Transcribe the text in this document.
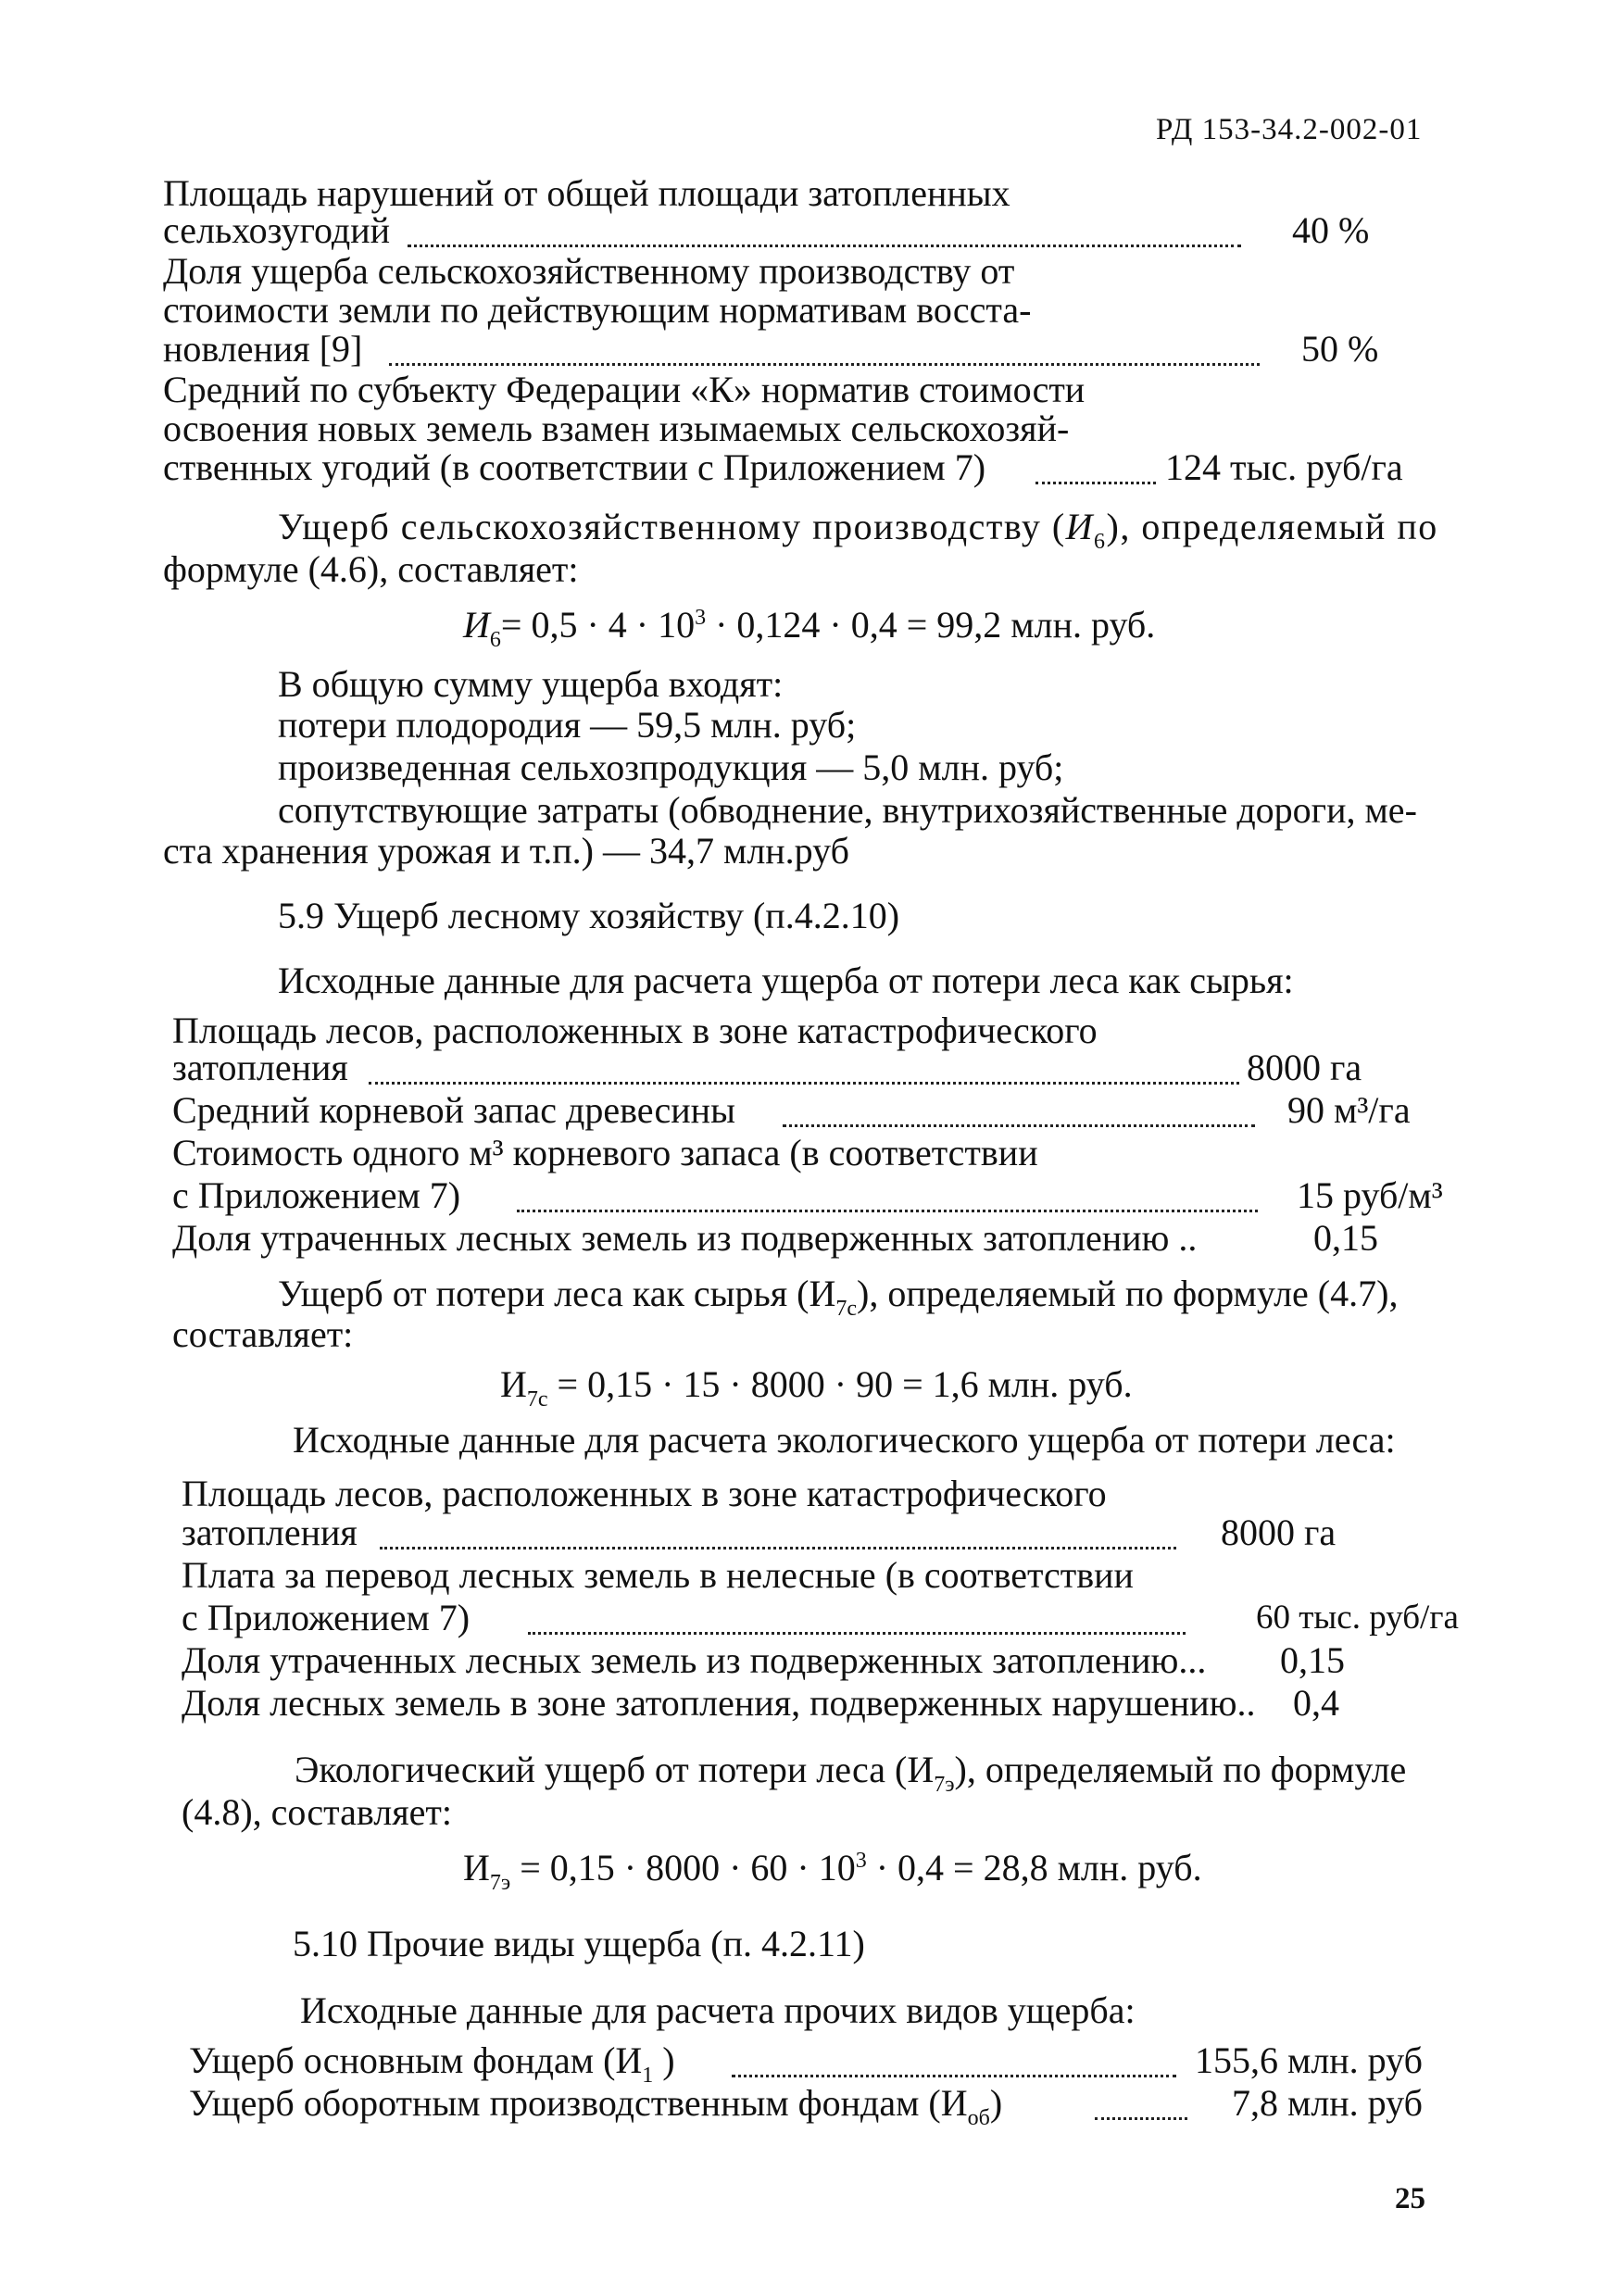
РД 153-34.2-002-01
Площадь нарушений от общей площади затопленных
сельхозугодий	40 %
Доля ущерба сельскохозяйственному производству от
стоимости земли по действующим нормативам восста-
новления [9]	50 %
Средний по субъекту Федерации «К» норматив стоимости
освоения новых земель взамен изымаемых сельскохозяй-
ственных угодий (в соответствии с Приложением 7)	124 тыс. руб/га
Ущерб сельскохозяйственному производству $(И_6)$, определяемый по
формуле (4.6), составляет:
$И_6= 0,5 \cdot 4 \cdot 10^3 \cdot 0,124 \cdot 0,4 = 99,2$ млн. руб.
В общую сумму ущерба входят:
потери плодородия — 59,5 млн. руб;
произведенная сельхозпродукция — 5,0 млн. руб;
сопутствующие затраты (обводнение, внутрихозяйственные дороги, ме-
ста хранения урожая и т.п.) — 34,7 млн.руб
5.9 Ущерб лесному хозяйству (п.4.2.10)
Исходные данные для расчета ущерба от потери леса как сырья:
Площадь лесов, расположенных в зоне катастрофического
затопления	8000 га
Средний корневой запас древесины	90 м³/га
Стоимость одного м³ корневого запаса (в соответствии
с Приложением 7)	15 руб/м³
Доля утраченных лесных земель из подверженных затоплению ..	0,15
Ущерб от потери леса как сырья $(И_{7с})$, определяемый по формуле (4.7),
составляет:
$И_{7с} = 0,15 \cdot 15 \cdot 8000 \cdot 90 = 1,6$ млн. руб.
Исходные данные для расчета экологического ущерба от потери леса:
Площадь лесов, расположенных в зоне катастрофического
затопления	8000 га
Плата за перевод лесных земель в нелесные (в соответствии
с Приложением 7)	60 тыс. руб/га
Доля утраченных лесных земель из подверженных затоплению... 0,15
Доля лесных земель в зоне затопления, подверженных нарушению.. 0,4
Экологический ущерб от потери леса $(И_{7э})$, определяемый по формуле
(4.8), составляет:
$И_{7э} = 0,15 \cdot 8000 \cdot 60 \cdot 10^3 \cdot 0,4 = 28,8$ млн. руб.
5.10 Прочие виды ущерба (п. 4.2.11)
Исходные данные для расчета прочих видов ущерба:
Ущерб основным фондам ($И_1$ )	155,6 млн. руб
Ущерб оборотным производственным фондам $(И_{об})$	7,8 млн. руб
25
